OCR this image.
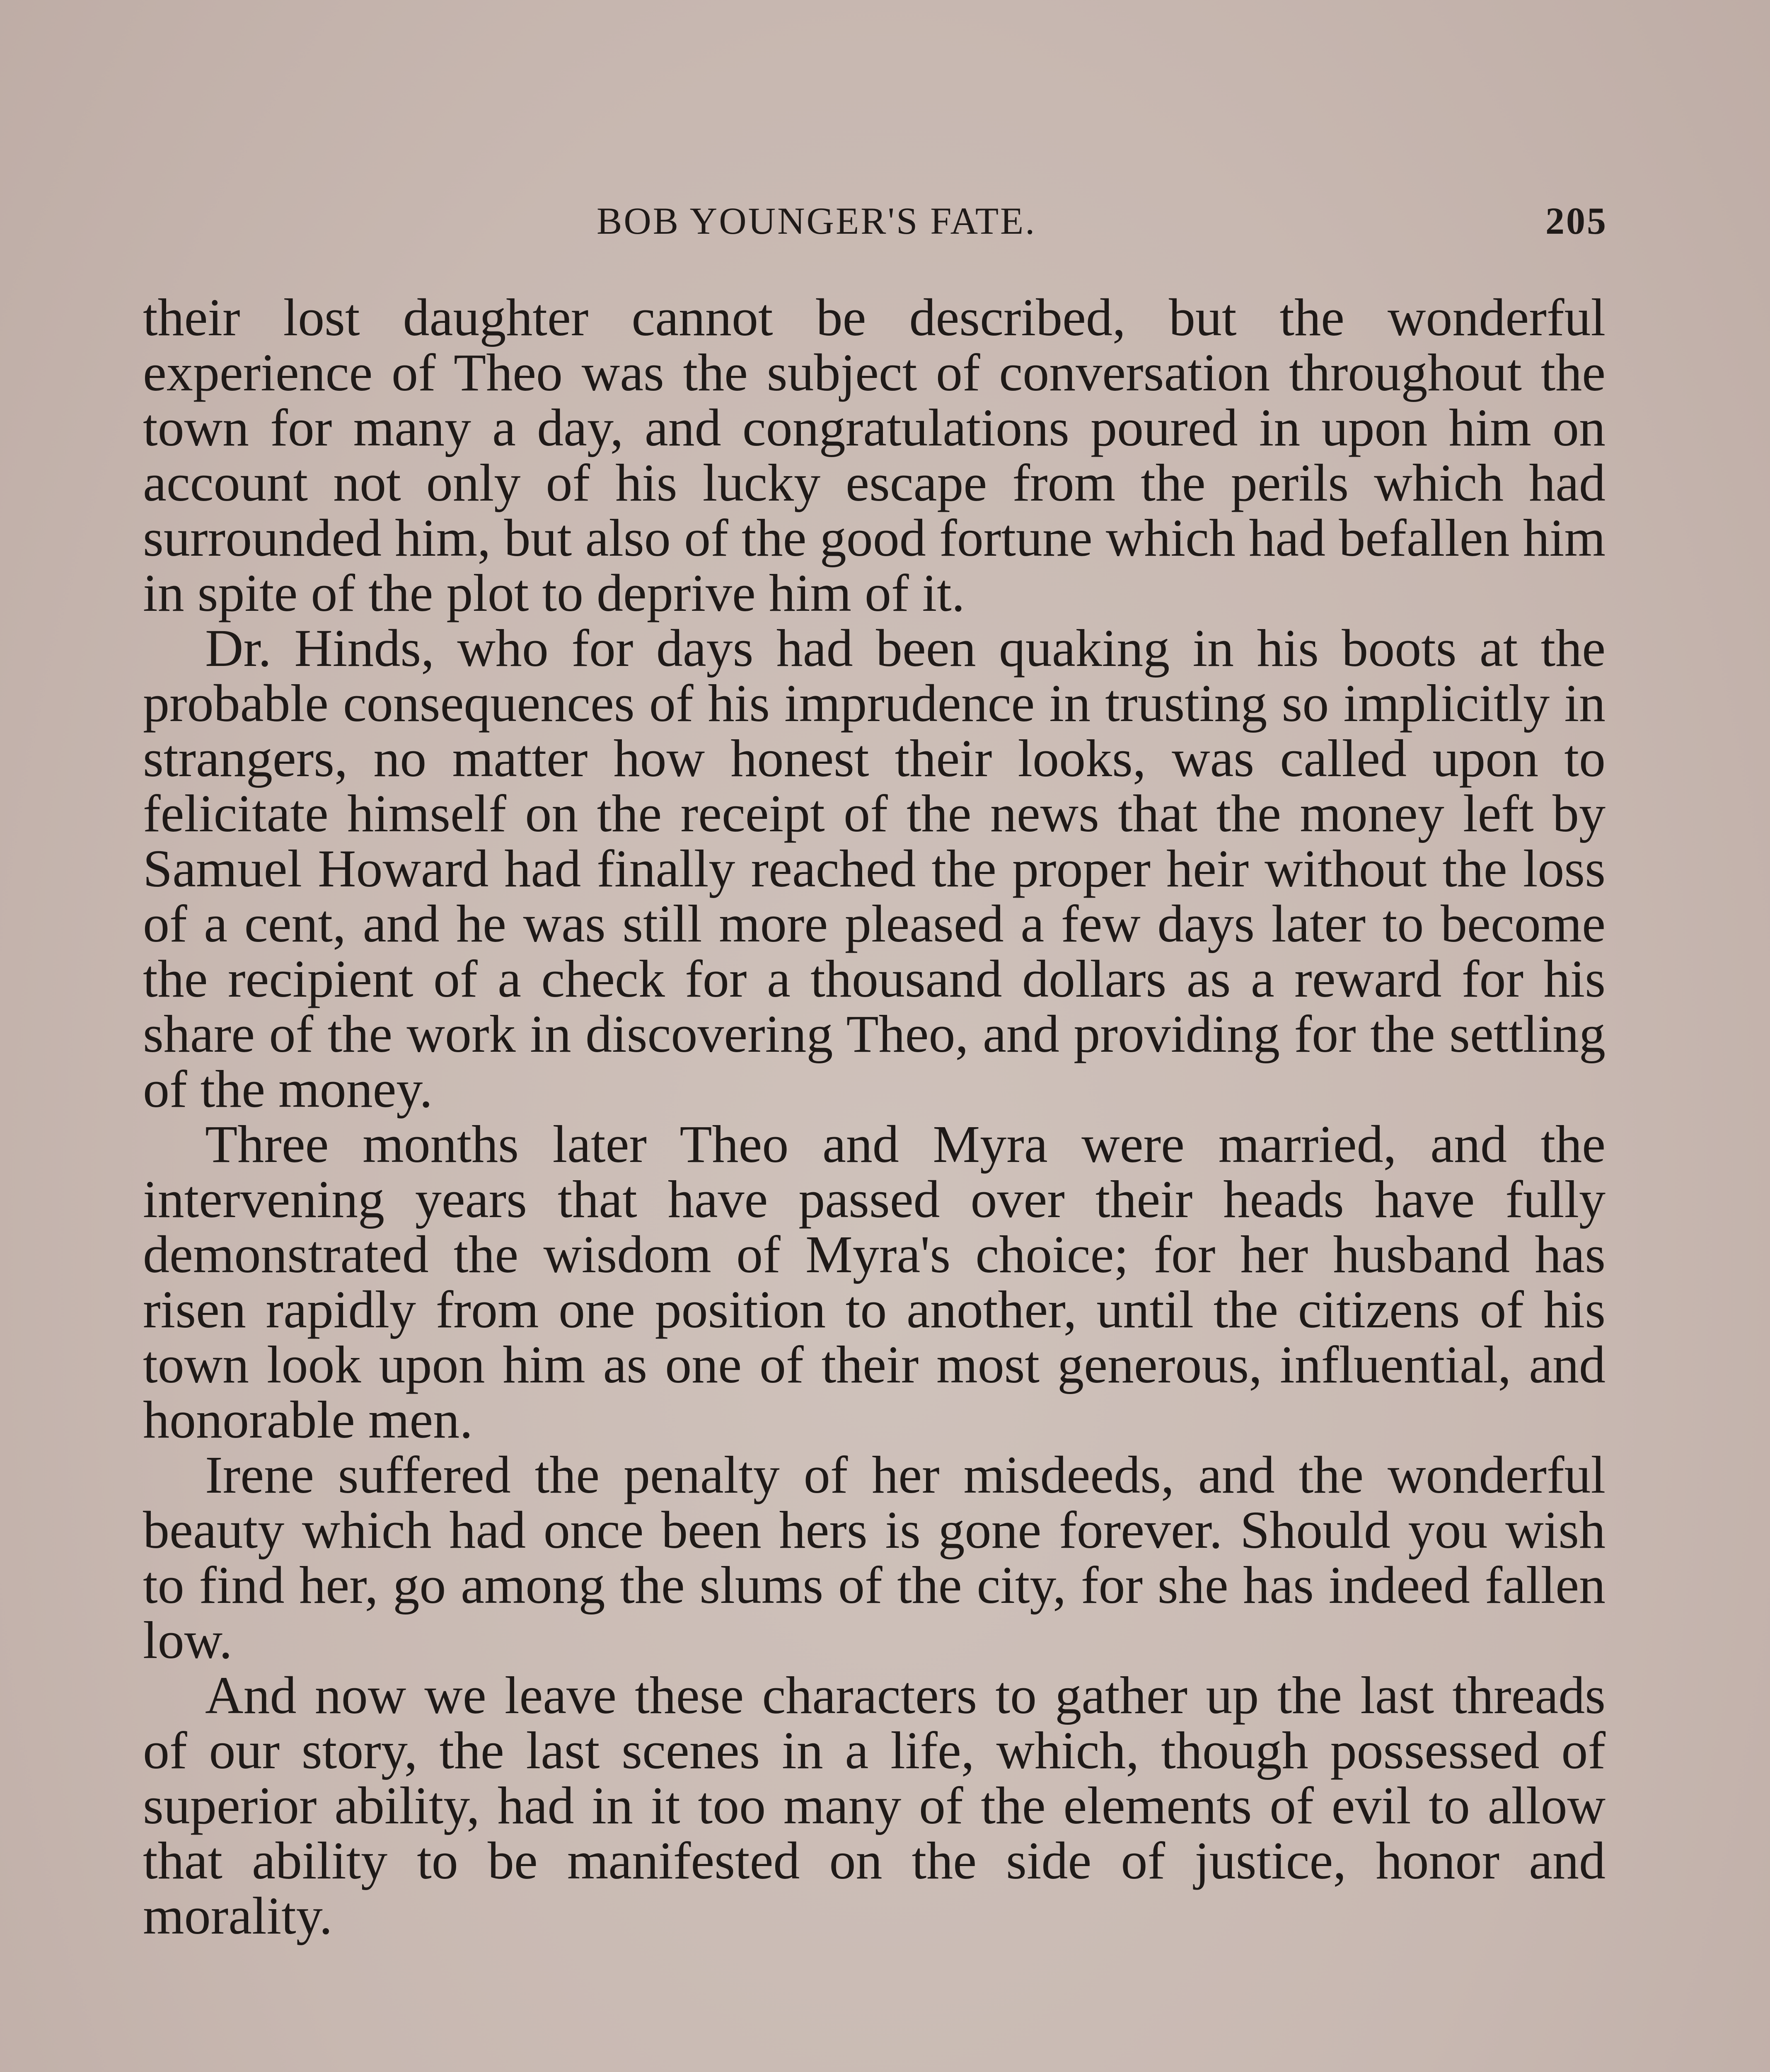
BOB YOUNGER'S FATE.	205

their lost daughter cannot be described, but the wonderful experience of Theo was the subject of conversation throughout the town for many a day, and congratulations poured in upon him on account not only of his lucky escape from the perils which had surrounded him, but also of the good fortune which had befallen him in spite of the plot to deprive him of it.

Dr. Hinds, who for days had been quaking in his boots at the probable consequences of his imprudence in trusting so implicitly in strangers, no matter how honest their looks, was called upon to felicitate himself on the receipt of the news that the money left by Samuel Howard had finally reached the proper heir without the loss of a cent, and he was still more pleased a few days later to become the recipient of a check for a thousand dollars as a reward for his share of the work in discovering Theo, and providing for the settling of the money.

Three months later Theo and Myra were married, and the intervening years that have passed over their heads have fully demonstrated the wisdom of Myra's choice; for her husband has risen rapidly from one position to another, until the citizens of his town look upon him as one of their most generous, influential, and honorable men.

Irene suffered the penalty of her misdeeds, and the wonderful beauty which had once been hers is gone forever. Should you wish to find her, go among the slums of the city, for she has indeed fallen low.

And now we leave these characters to gather up the last threads of our story, the last scenes in a life, which, though possessed of superior ability, had in it too many of the elements of evil to allow that ability to be manifested on the side of justice, honor and morality.
